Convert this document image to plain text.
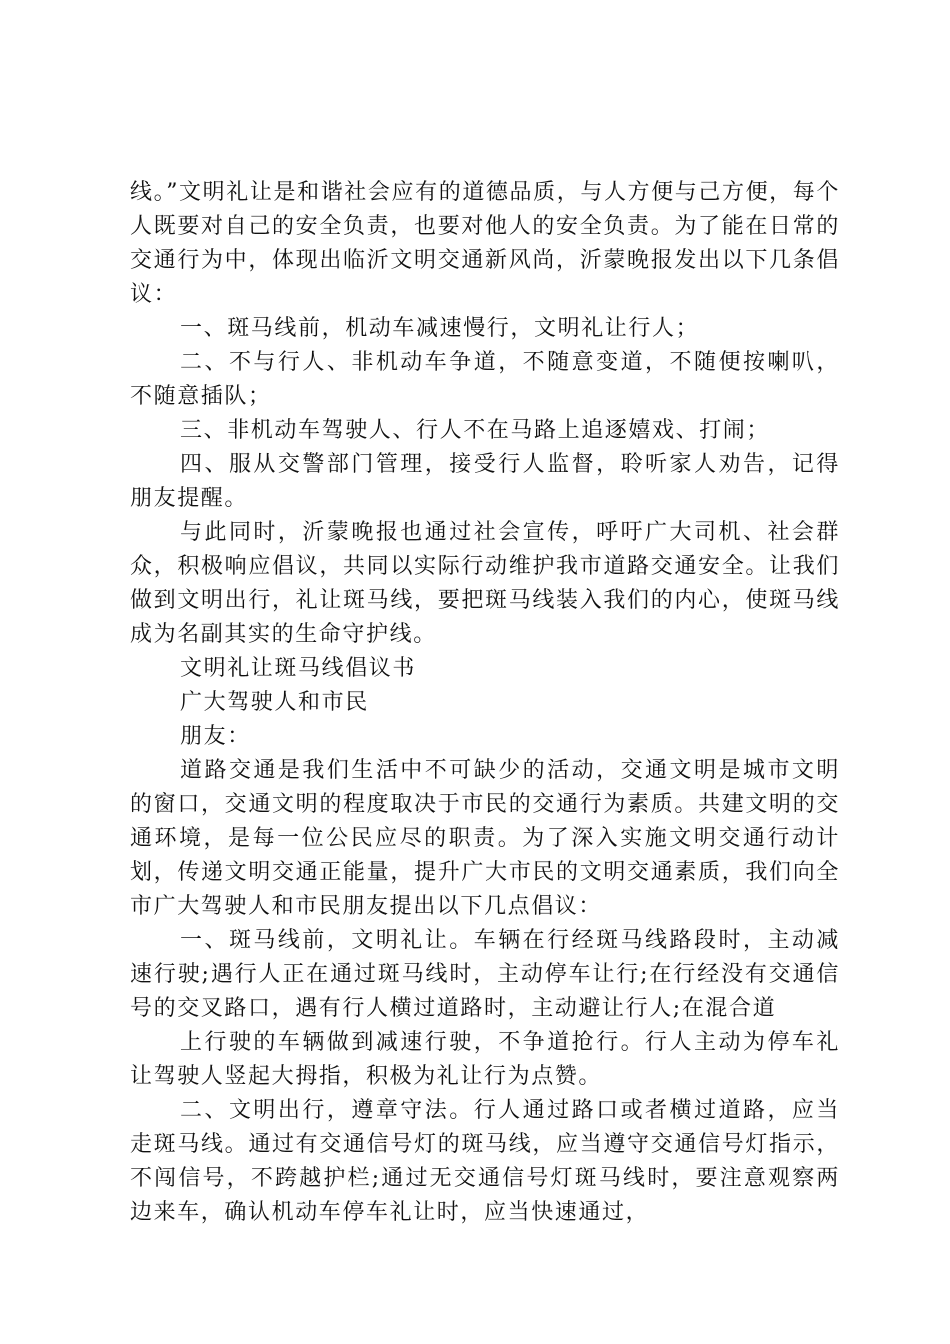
线。”文明礼让是和谐社会应有的道德品质，与人方便与己方便，每个人既要对自己的安全负责，也要对他人的安全负责。为了能在日常的交通行为中，体现出临沂文明交通新风尚，沂蒙晚报发出以下几条倡议：

一、斑马线前，机动车减速慢行，文明礼让行人；

二、不与行人、非机动车争道，不随意变道，不随便按喇叭，不随意插队；

三、非机动车驾驶人、行人不在马路上追逐嬉戏、打闹；

四、服从交警部门管理，接受行人监督，聆听家人劝告，记得朋友提醒。

与此同时，沂蒙晚报也通过社会宣传，呼吁广大司机、社会群众，积极响应倡议，共同以实际行动维护我市道路交通安全。让我们做到文明出行，礼让斑马线，要把斑马线装入我们的内心，使斑马线成为名副其实的生命守护线。

文明礼让斑马线倡议书

广大驾驶人和市民

朋友：

道路交通是我们生活中不可缺少的活动，交通文明是城市文明的窗口，交通文明的程度取决于市民的交通行为素质。共建文明的交通环境，是每一位公民应尽的职责。为了深入实施文明交通行动计划，传递文明交通正能量，提升广大市民的文明交通素质，我们向全市广大驾驶人和市民朋友提出以下几点倡议：

一、斑马线前，文明礼让。车辆在行经斑马线路段时，主动减速行驶;遇行人正在通过斑马线时，主动停车让行;在行经没有交通信号的交叉路口，遇有行人横过道路时，主动避让行人;在混合道

上行驶的车辆做到减速行驶，不争道抢行。行人主动为停车礼让驾驶人竖起大拇指，积极为礼让行为点赞。

二、文明出行，遵章守法。行人通过路口或者横过道路，应当走斑马线。通过有交通信号灯的斑马线，应当遵守交通信号灯指示，不闯信号，不跨越护栏;通过无交通信号灯斑马线时，要注意观察两边来车，确认机动车停车礼让时，应当快速通过，
